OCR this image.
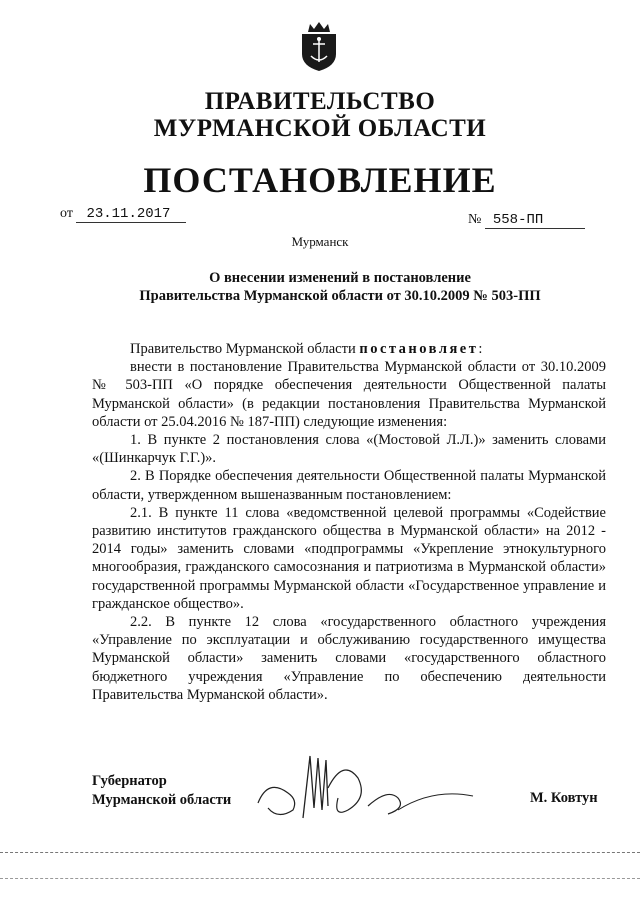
ПРАВИТЕЛЬСТВО
МУРМАНСКОЙ ОБЛАСТИ
ПОСТАНОВЛЕНИЕ
от 23.11.2017	№ 558-ПП
Мурманск
О внесении изменений в постановление
Правительства Мурманской области от 30.10.2009 № 503-ПП

Правительство Мурманской области постановляет:

внести в постановление Правительства Мурманской области от 30.10.2009 № 503-ПП «О порядке обеспечения деятельности Общественной палаты Мурманской области» (в редакции постановления Правительства Мурманской области от 25.04.2016 № 187-ПП) следующие изменения:

1. В пункте 2 постановления слова «(Мостовой Л.Л.)» заменить словами «(Шинкарчук Г.Г.)».

2. В Порядке обеспечения деятельности Общественной палаты Мурманской области, утвержденном вышеназванным постановлением:

2.1. В пункте 11 слова «ведомственной целевой программы «Содействие развитию институтов гражданского общества в Мурманской области» на 2012 - 2014 годы» заменить словами «подпрограммы «Укрепление этнокультурного многообразия, гражданского самосознания и патриотизма в Мурманской области» государственной программы Мурманской области «Государственное управление и гражданское общество».

2.2. В пункте 12 слова «государственного областного учреждения «Управление по эксплуатации и обслуживанию государственного имущества Мурманской области» заменить словами «государственного областного бюджетного учреждения «Управление по обеспечению деятельности Правительства Мурманской области».

Губернатор
Мурманской области	М. Ковтун
